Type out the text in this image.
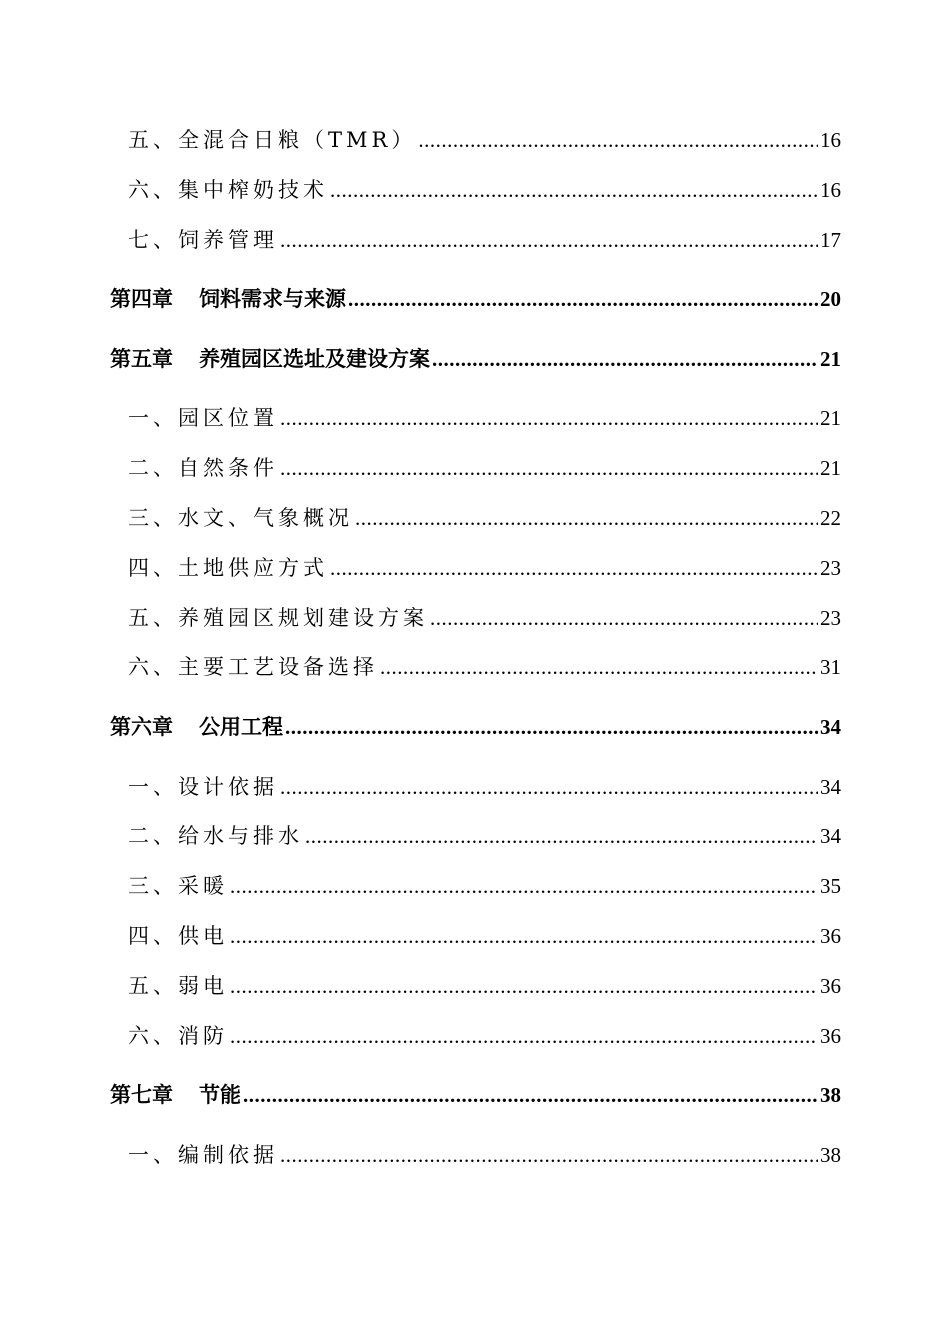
五、全混合日粮（TMR） .....	16
六、集中榨奶技术 .....	16
七、饲养管理 .....	17
第四章 饲料需求与来源 .....	20
第五章 养殖园区选址及建设方案 .....	21
一、园区位置 .....	21
二、自然条件 .....	21
三、水文、气象概况 .....	22
四、土地供应方式 .....	23
五、养殖园区规划建设方案 .....	23
六、主要工艺设备选择 .....	31
第六章 公用工程 .....	34
一、设计依据 .....	34
二、给水与排水 .....	34
三、采暖 .....	35
四、供电 .....	36
五、弱电 .....	36
六、消防 .....	36
第七章 节能 .....	38
一、编制依据 .....	38
